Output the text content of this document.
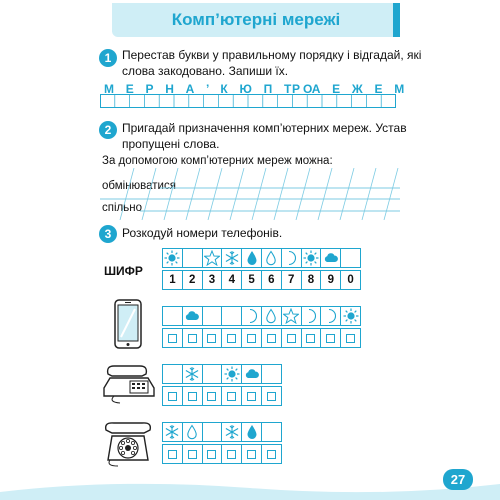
Комп’ютерні мережі
1 Перестав букви у правильному порядку і відгадай, які
слова закодовано. Запиши їх.
М Е Р Н А ’ К Ю П Т О
Р А Е Ж Е М
2 Пригадай призначення комп’ютерних мереж. Устав
пропущені слова.
За допомогою комп’ютерних мереж можна:
обмінюватися
спільно
3 Розкодуй номери телефонів.
ШИФР
1 2 3 4 5 6 7 8 9 0
27
